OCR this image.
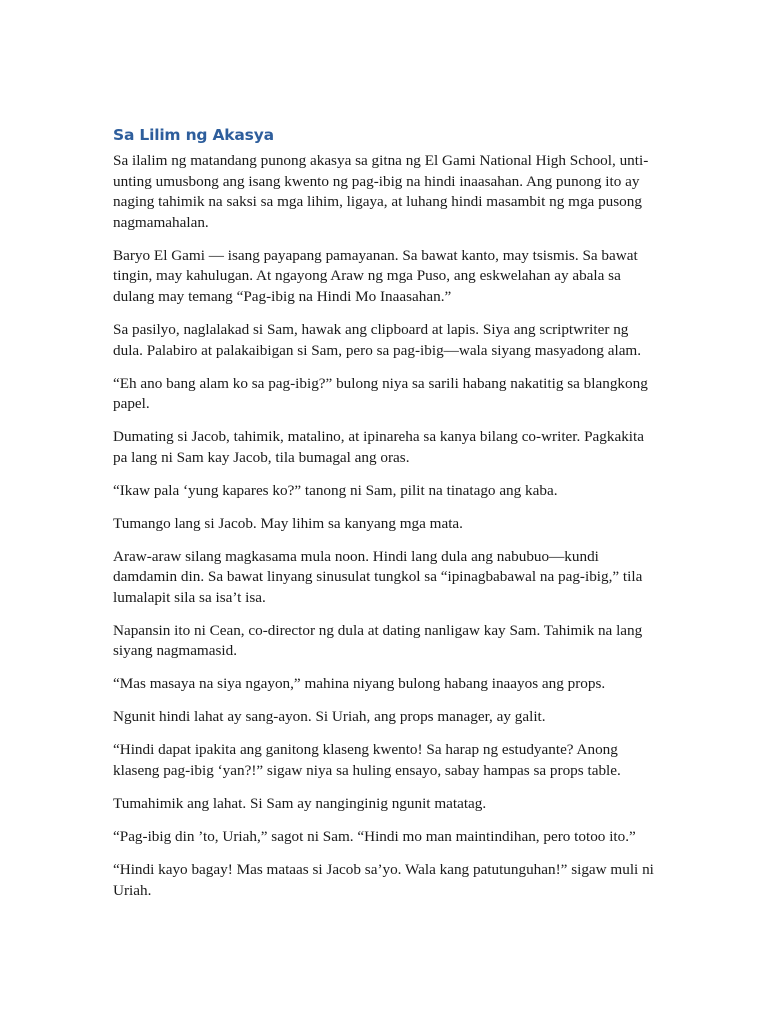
Sa Lilim ng Akasya

Sa ilalim ng matandang punong akasya sa gitna ng El Gami National High School, unti-unting umusbong ang isang kwento ng pag-ibig na hindi inaasahan. Ang punong ito ay naging tahimik na saksi sa mga lihim, ligaya, at luhang hindi masambit ng mga pusong nagmamahalan.

Baryo El Gami — isang payapang pamayanan. Sa bawat kanto, may tsismis. Sa bawat tingin, may kahulugan. At ngayong Araw ng mga Puso, ang eskwelahan ay abala sa dulang may temang “Pag-ibig na Hindi Mo Inaasahan.”

Sa pasilyo, naglalakad si Sam, hawak ang clipboard at lapis. Siya ang scriptwriter ng dula. Palabiro at palakaibigan si Sam, pero sa pag-ibig—wala siyang masyadong alam.

“Eh ano bang alam ko sa pag-ibig?” bulong niya sa sarili habang nakatitig sa blangkong papel.

Dumating si Jacob, tahimik, matalino, at ipinareha sa kanya bilang co-writer. Pagkakita pa lang ni Sam kay Jacob, tila bumagal ang oras.

“Ikaw pala ‘yung kapares ko?” tanong ni Sam, pilit na tinatago ang kaba.

Tumango lang si Jacob. May lihim sa kanyang mga mata.

Araw-araw silang magkasama mula noon. Hindi lang dula ang nabubuo—kundi damdamin din. Sa bawat linyang sinusulat tungkol sa “ipinagbabawal na pag-ibig,” tila lumalapit sila sa isa’t isa.

Napansin ito ni Cean, co-director ng dula at dating nanligaw kay Sam. Tahimik na lang siyang nagmamasid.

“Mas masaya na siya ngayon,” mahina niyang bulong habang inaayos ang props.

Ngunit hindi lahat ay sang-ayon. Si Uriah, ang props manager, ay galit.

“Hindi dapat ipakita ang ganitong klaseng kwento! Sa harap ng estudyante? Anong klaseng pag-ibig ‘yan?!” sigaw niya sa huling ensayo, sabay hampas sa props table.

Tumahimik ang lahat. Si Sam ay nanginginig ngunit matatag.

“Pag-ibig din ’to, Uriah,” sagot ni Sam. “Hindi mo man maintindihan, pero totoo ito.”

“Hindi kayo bagay! Mas mataas si Jacob sa’yo. Wala kang patutunguhan!” sigaw muli ni Uriah.
